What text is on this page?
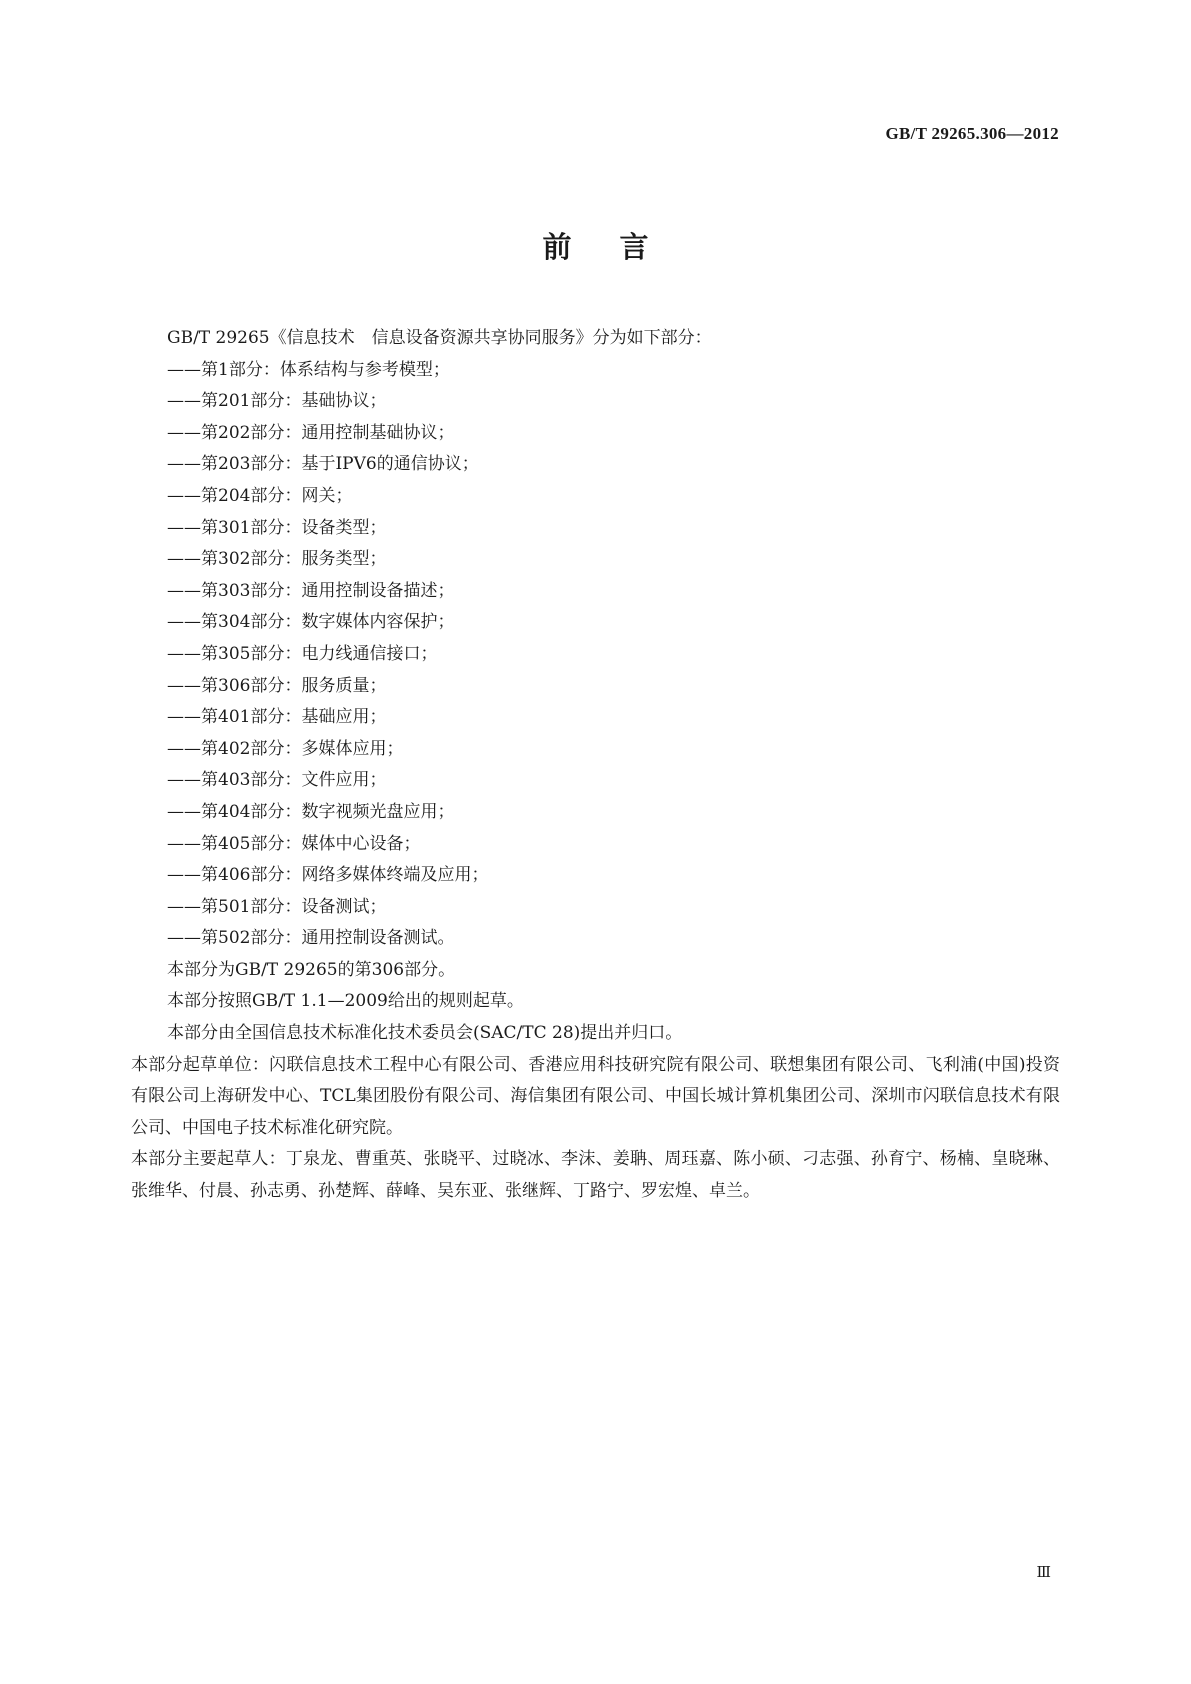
GB/T 29265.306—2012
前言
GB/T 29265《信息技术　信息设备资源共享协同服务》分为如下部分：
——第1部分：体系结构与参考模型；
——第201部分：基础协议；
——第202部分：通用控制基础协议；
——第203部分：基于IPV6的通信协议；
——第204部分：网关；
——第301部分：设备类型；
——第302部分：服务类型；
——第303部分：通用控制设备描述；
——第304部分：数字媒体内容保护；
——第305部分：电力线通信接口；
——第306部分：服务质量；
——第401部分：基础应用；
——第402部分：多媒体应用；
——第403部分：文件应用；
——第404部分：数字视频光盘应用；
——第405部分：媒体中心设备；
——第406部分：网络多媒体终端及应用；
——第501部分：设备测试；
——第502部分：通用控制设备测试。
本部分为GB/T 29265的第306部分。
本部分按照GB/T 1.1—2009给出的规则起草。
本部分由全国信息技术标准化技术委员会(SAC/TC 28)提出并归口。
本部分起草单位：闪联信息技术工程中心有限公司、香港应用科技研究院有限公司、联想集团有限公司、飞利浦(中国)投资有限公司上海研发中心、TCL集团股份有限公司、海信集团有限公司、中国长城计算机集团公司、深圳市闪联信息技术有限公司、中国电子技术标准化研究院。
本部分主要起草人：丁泉龙、曹重英、张晓平、过晓冰、李沫、姜聃、周珏嘉、陈小硕、刁志强、孙育宁、杨楠、皇晓琳、张维华、付晨、孙志勇、孙楚辉、薛峰、吴东亚、张继辉、丁路宁、罗宏煌、卓兰。
Ⅲ
